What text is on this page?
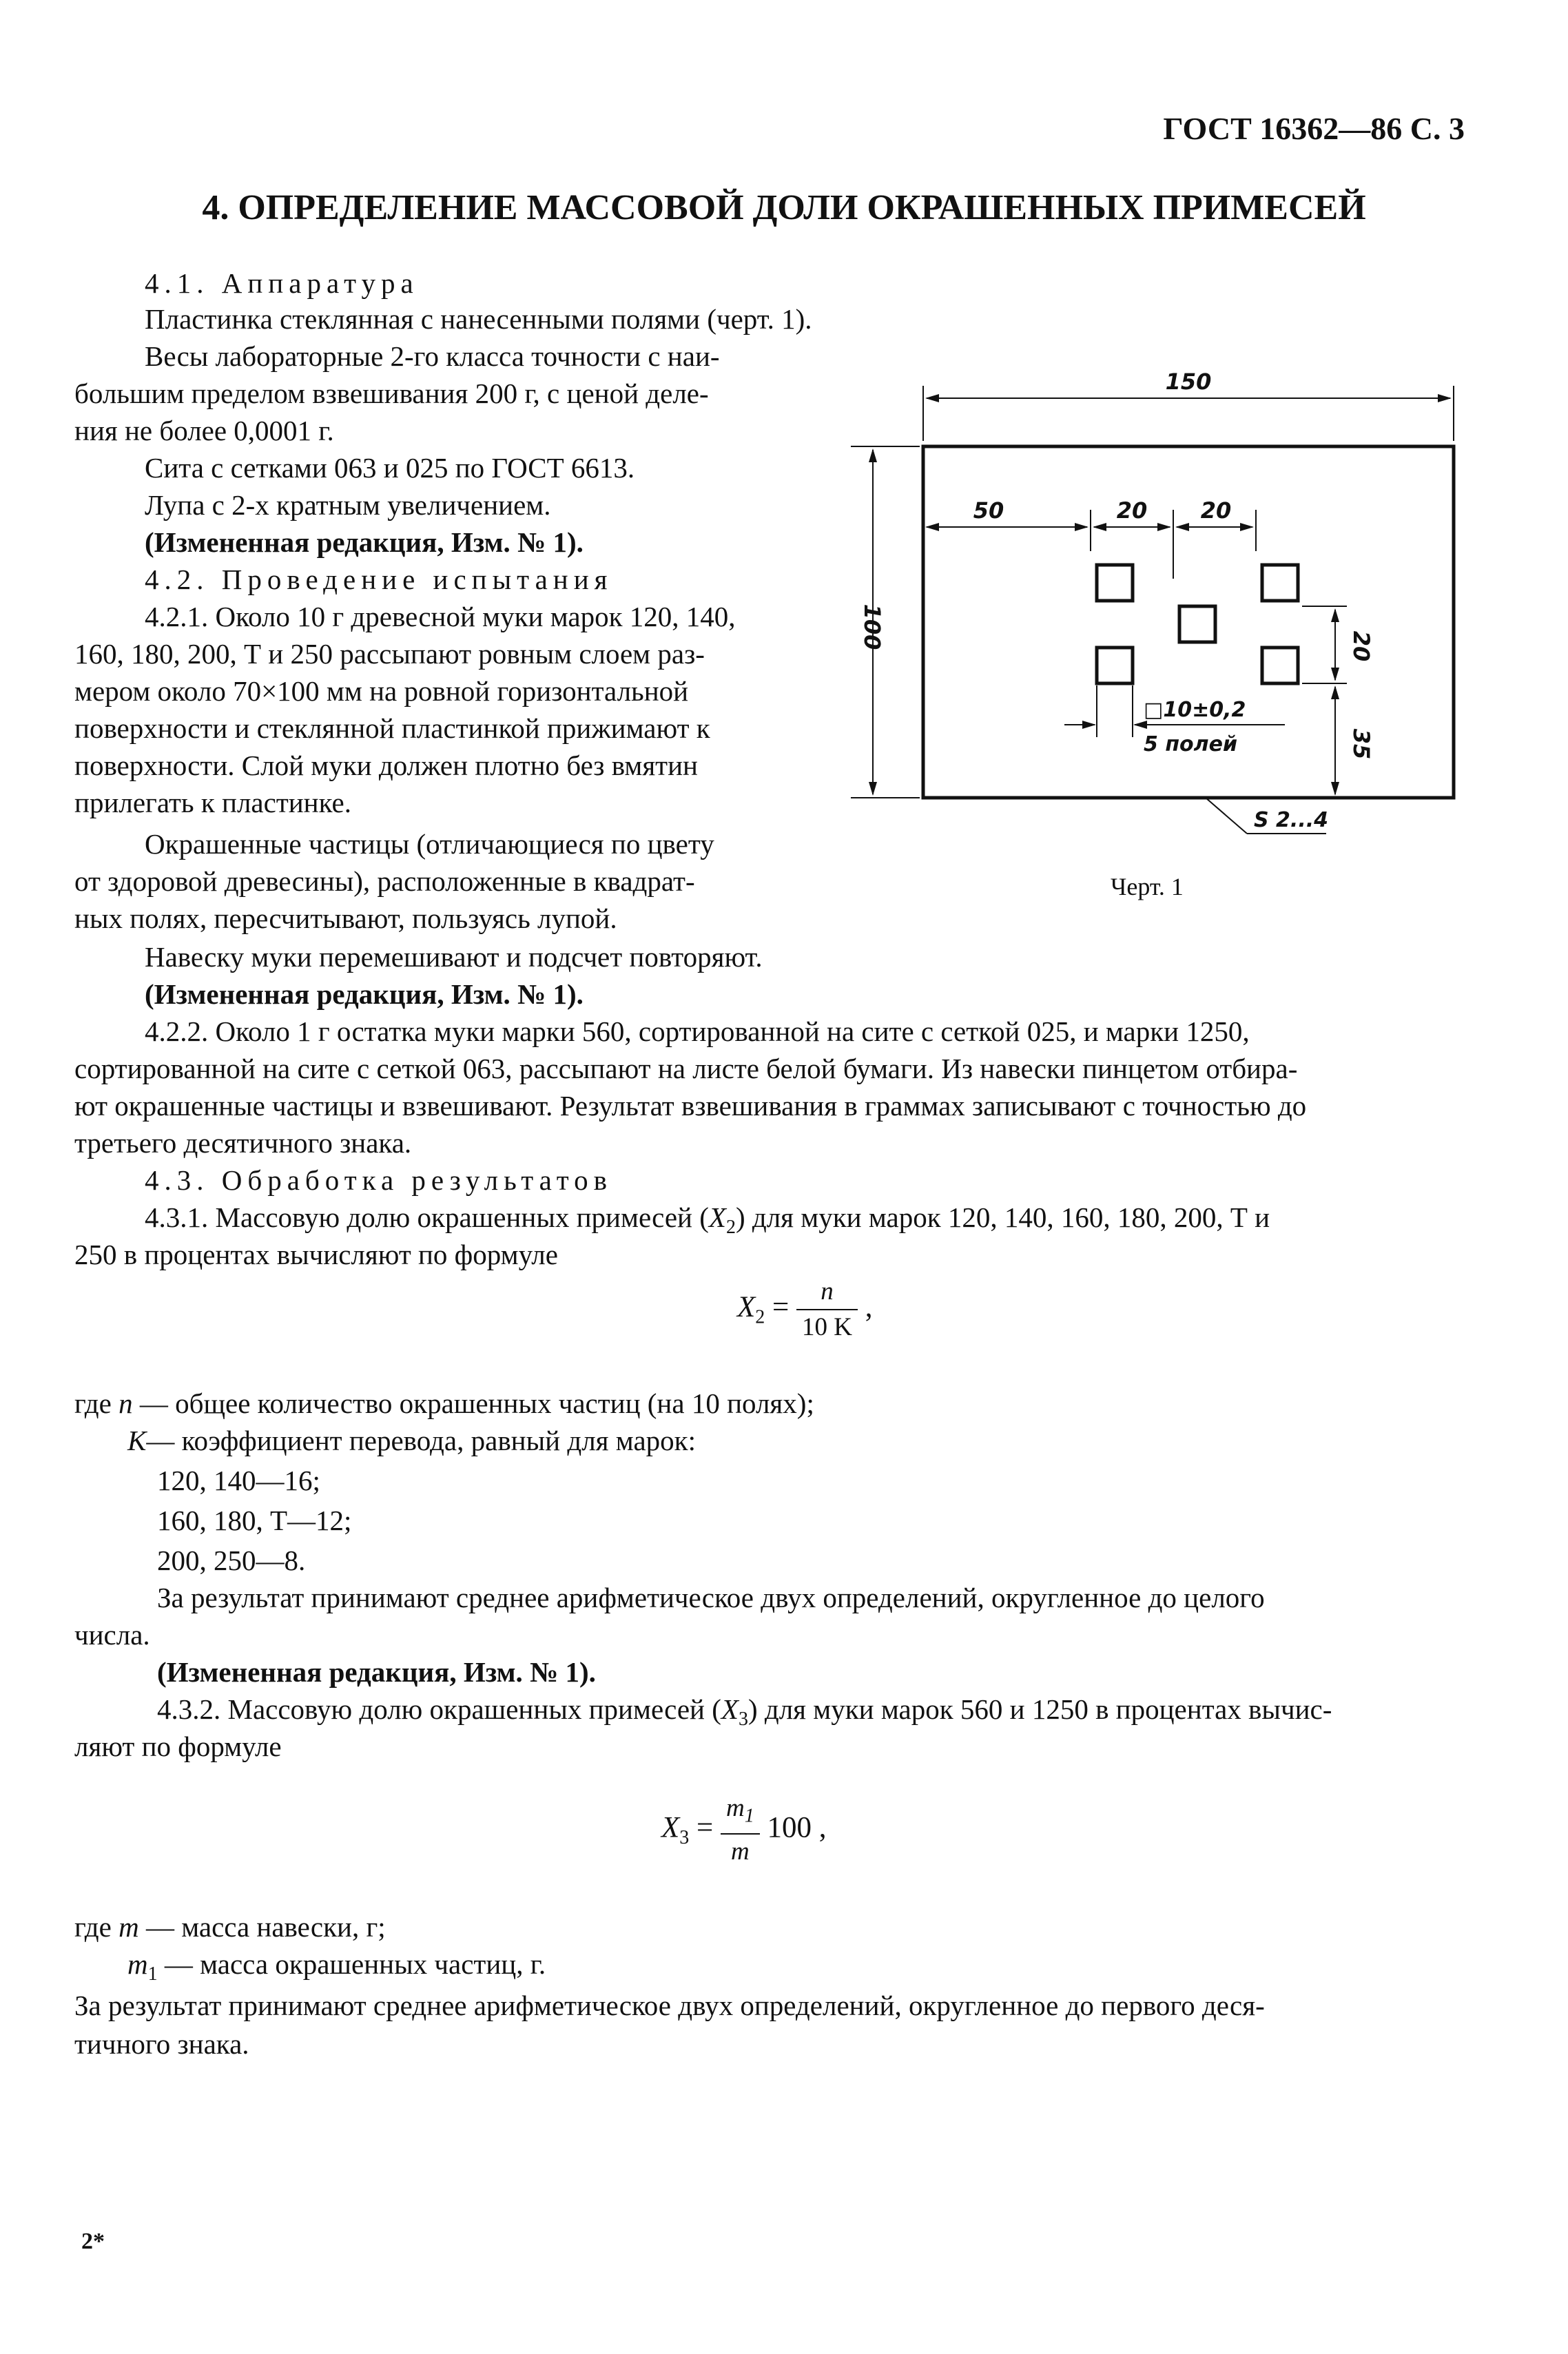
ГОСТ 16362—86 С. 3
4. ОПРЕДЕЛЕНИЕ МАССОВОЙ ДОЛИ ОКРАШЕННЫХ ПРИМЕСЕЙ
4.1. Аппаратура
Пластинка стеклянная с нанесенными полями (черт. 1).
Весы лабораторные 2-го класса точности с наи-
большим пределом взвешивания 200 г, с ценой деле-
ния не более 0,0001 г.
Сита с сетками 063 и 025 по ГОСТ 6613.
Лупа с 2-х кратным увеличением.
(Измененная редакция, Изм. № 1).
4.2. Проведение испытания
4.2.1. Около 10 г древесной муки марок 120, 140,
160, 180, 200, Т и 250 рассыпают ровным слоем раз-
мером около 70×100 мм на ровной горизонтальной
поверхности и стеклянной пластинкой прижимают к
поверхности. Слой муки должен плотно без вмятин
прилегать к пластинке.
Окрашенные частицы (отличающиеся по цвету
от здоровой древесины), расположенные в квадрат-
ных полях, пересчитывают, пользуясь лупой.
Навеску муки перемешивают и подсчет повторяют.
(Измененная редакция, Изм. № 1).
4.2.2. Около 1 г остатка муки марки 560, сортированной на сите с сеткой 025, и марки 1250,
сортированной на сите с сеткой 063, рассыпают на листе белой бумаги. Из навески пинцетом отбира-
ют окрашенные частицы и взвешивают. Результат взвешивания в граммах записывают с точностью до
третьего десятичного знака.
4.3. Обработка результатов
4.3.1. Массовую долю окрашенных примесей $(X_2)$ для муки марок 120, 140, 160, 180, 200, Т и
250 в процентах вычисляют по формуле
$X_2 = \frac{n}{10 K}$ ,
где n — общее количество окрашенных частиц (на 10 полях);
K— коэффициент перевода, равный для марок:
120, 140—16;
160, 180, Т—12;
200, 250—8.
За результат принимают среднее арифметическое двух определений, округленное до целого
числа.
(Измененная редакция, Изм. № 1).
4.3.2. Массовую долю окрашенных примесей $(X_3)$ для муки марок 560 и 1250 в процентах вычис-
ляют по формуле
$X_3 = \frac{m_1}{m} 100$ ,
где m — масса навески, г;
$m_1$ — масса окрашенных частиц, г.
За результат принимают среднее арифметическое двух определений, округленное до первого деся-
тичного знака.
2*
150
100
50	20 20
20
35
□10±0,2
5 полей
S 2...4
Черт. 1
